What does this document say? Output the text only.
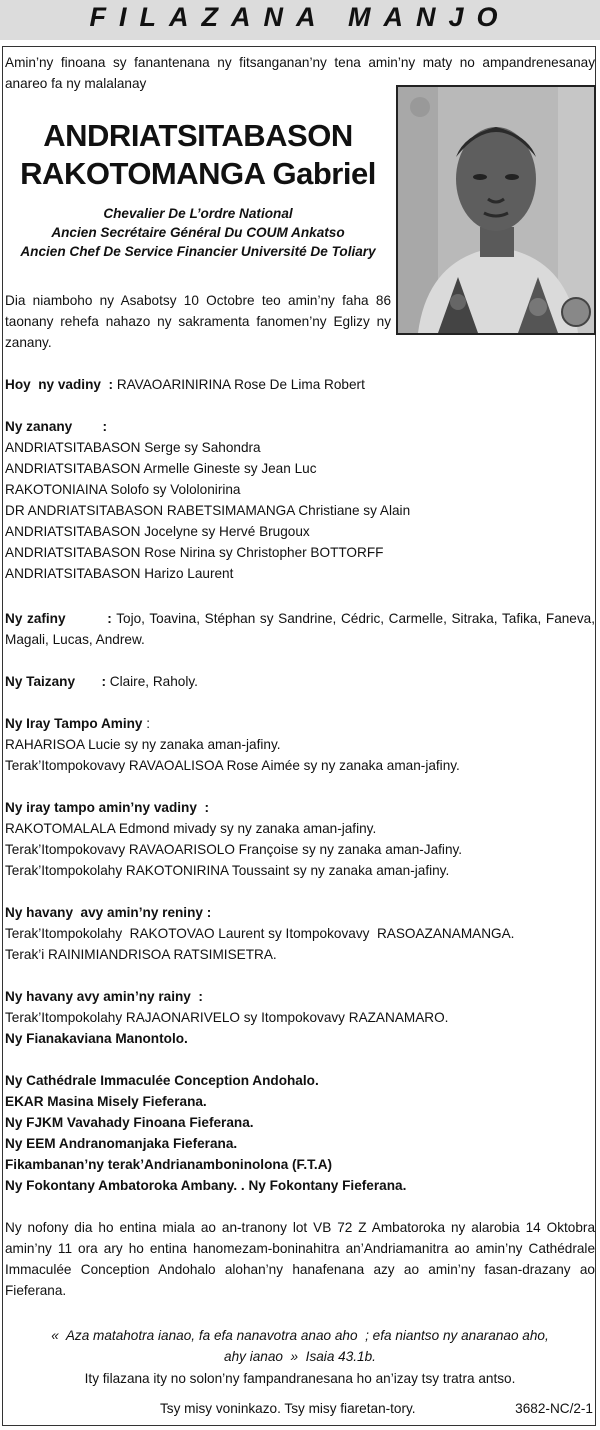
FILAZANA MANJO
Amin’ny finoana sy fanantenana ny fitsanganan’ny tena amin’ny maty no ampandrenesanay anareo fa ny malalanay
ANDRIATSITABASON
RAKOTOMANGA Gabriel
Chevalier De L’ordre National
Ancien Secrétaire Général Du COUM Ankatso
Ancien Chef De Service Financier Université De Toliary
Dia niamboho ny Asabotsy 10 Octobre teo amin’ny faha 86 taonany rehefa nahazo ny sakramenta fanomen’ny Eglizy ny zanany.
Hoy  ny vadiny  : RAVAOARINIRINA Rose De Lima Robert
Ny zanany        :
ANDRIATSITABASON Serge sy Sahondra
ANDRIATSITABASON Armelle Gineste sy Jean Luc
RAKOTONIAINA Solofo sy Vololonirina
DR ANDRIATSITABASON RABETSIMAMANGA Christiane sy Alain
ANDRIATSITABASON Jocelyne sy Hervé Brugoux
ANDRIATSITABASON Rose Nirina sy Christopher BOTTORFF
ANDRIATSITABASON Harizo Laurent
Ny zafiny         : Tojo, Toavina, Stéphan sy Sandrine, Cédric, Carmelle, Sitraka, Tafika, Faneva, Magali, Lucas, Andrew.
Ny Taizany       : Claire, Raholy.
Ny Iray Tampo Aminy :
RAHARISOA Lucie sy ny zanaka aman-jafiny.
Terak’Itompokovavy RAVAOALISOA Rose Aimée sy ny zanaka aman-jafiny.
Ny iray tampo amin’ny vadiny  :
RAKOTOMALALA Edmond mivady sy ny zanaka aman-jafiny.
Terak’Itompokovavy RAVAOARISOLO Françoise sy ny zanaka aman-Jafiny.
Terak’Itompokolahy RAKOTONIRINA Toussaint sy ny zanaka aman-jafiny.
Ny havany  avy amin’ny reniny :
Terak’Itompokolahy  RAKOTOVAO Laurent sy Itompokovavy  RASOAZANAMANGA.
Terak’i RAINIMIANDRISOA RATSIMISETRA.
Ny havany avy amin’ny rainy  :
Terak’Itompokolahy RAJAONARIVELO sy Itompokovavy RAZANAMARO.
Ny Fianakaviana Manontolo.
Ny Cathédrale Immaculée Conception Andohalo.
EKAR Masina Misely Fieferana.
Ny FJKM Vavahady Finoana Fieferana.
Ny EEM Andranomanjaka Fieferana.
Fikambanan’ny terak’Andrianamboninolona (F.T.A)
Ny Fokontany Ambatoroka Ambany. . Ny Fokontany Fieferana.
Ny nofony dia ho entina miala ao an-tranony lot VB 72 Z Ambatoroka ny alarobia 14 Oktobra amin’ny 11 ora ary ho entina hanomezam-boninahitra an’Andriamanitra ao amin’ny Cathédrale Immaculée Conception Andohalo alohan’ny hanafenana azy ao amin’ny fasan-drazany ao Fieferana.
«  Aza matahotra ianao, fa efa nanavotra anao aho  ; efa niantso ny anaranao aho,
ahy ianao  » Isaia 43.1b.
Ity filazana ity no solon’ny fampandranesana ho an’izay tsy tratra antso.
Tsy misy voninkazo. Tsy misy fiaretan-tory.	3682-NC/2-1
